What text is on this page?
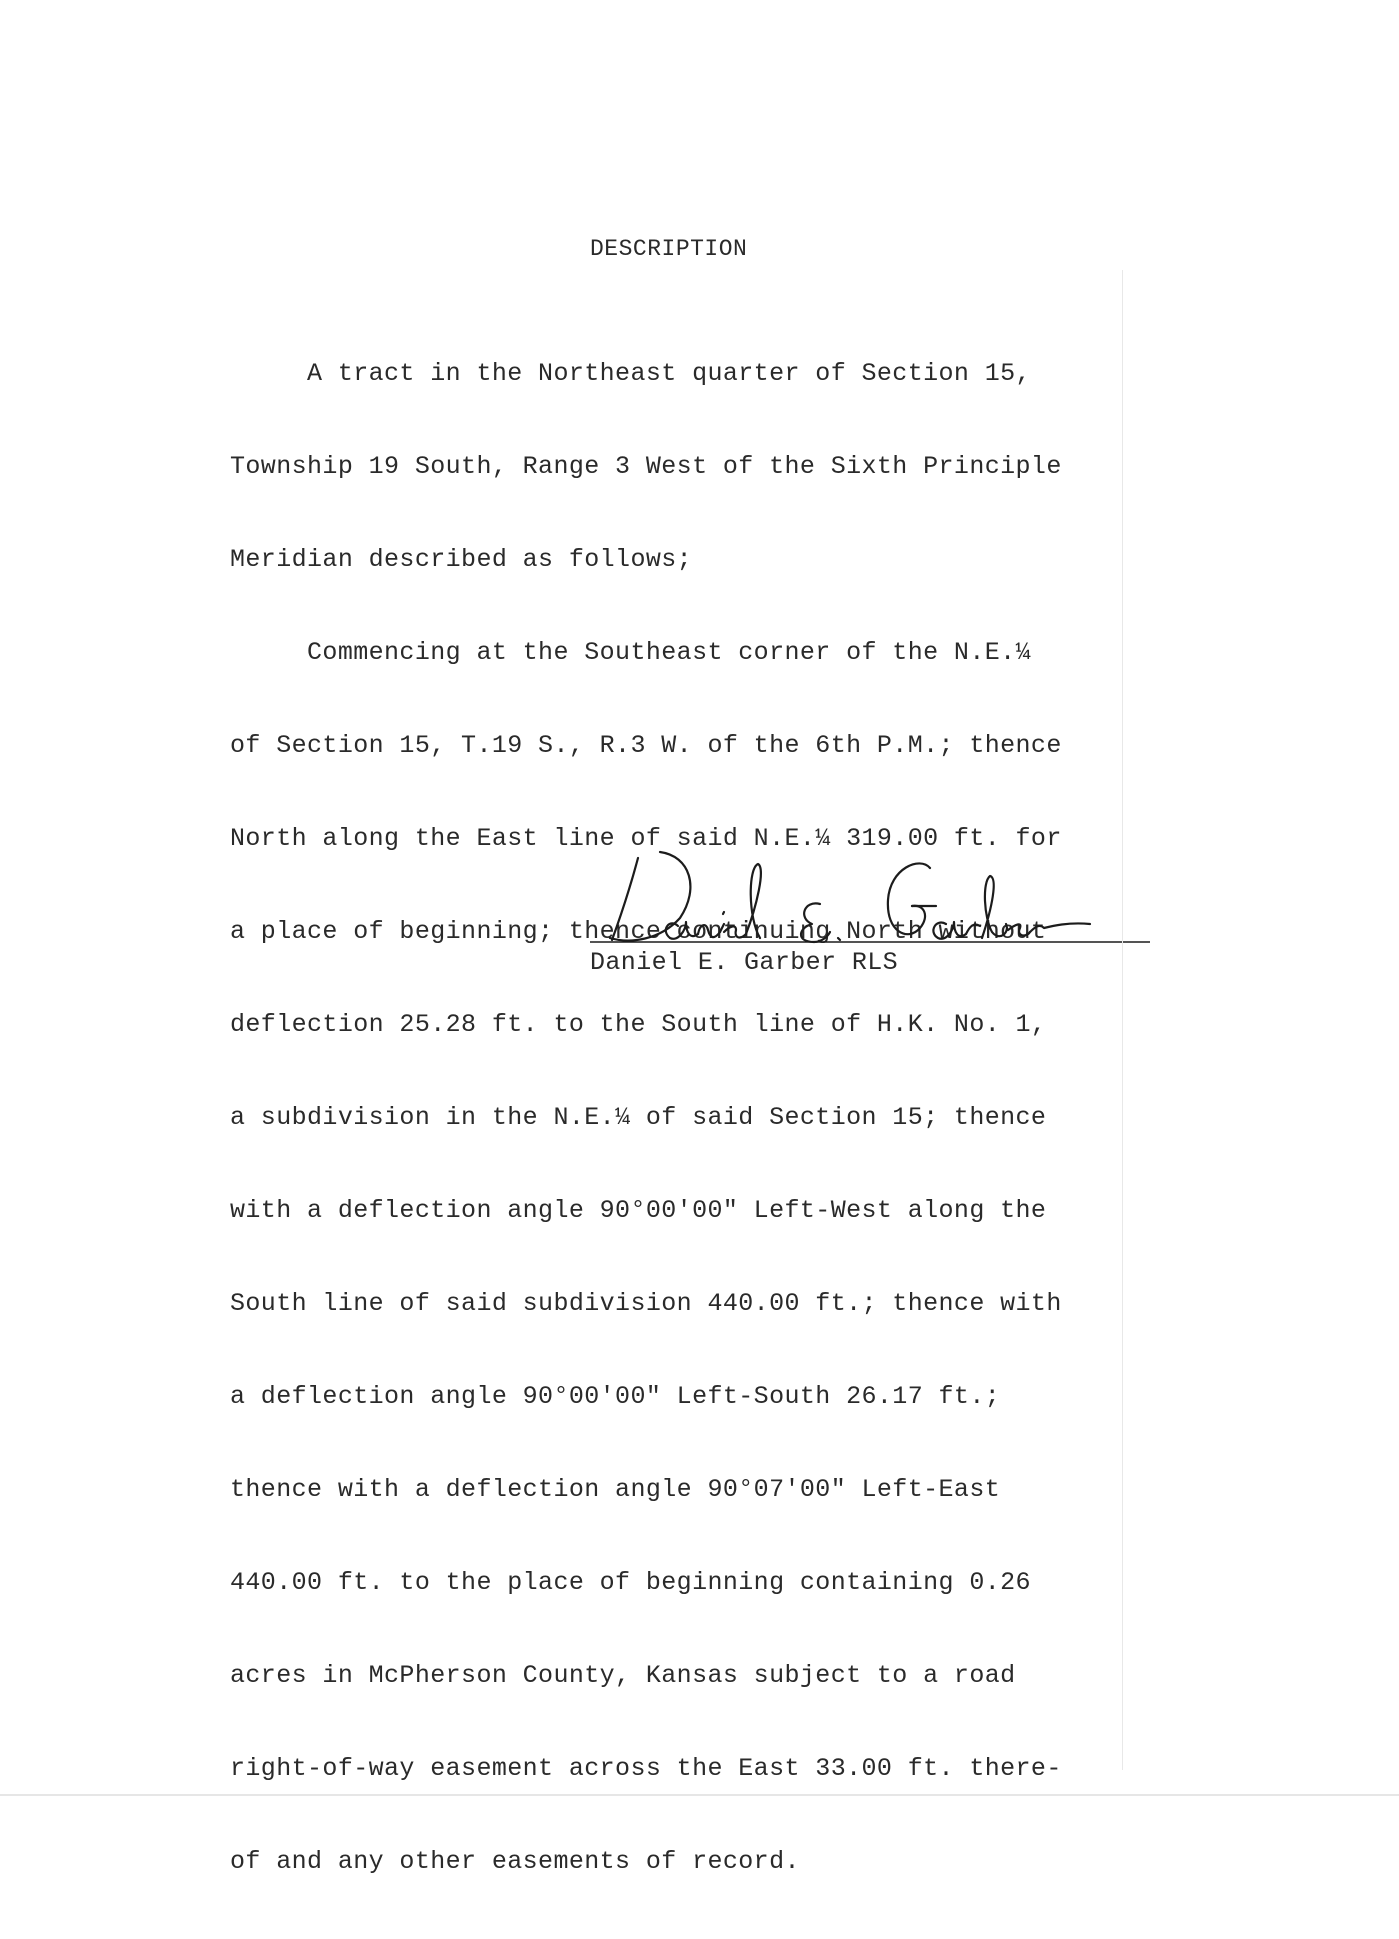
DESCRIPTION

A tract in the Northeast quarter of Section 15,

Township 19 South, Range 3 West of the Sixth Principle

Meridian described as follows;

Commencing at the Southeast corner of the N.E.¼

of Section 15, T.19 S., R.3 W. of the 6th P.M.; thence

North along the East line of said N.E.¼ 319.00 ft. for

a place of beginning; thence continuing North without

deflection 25.28 ft. to the South line of H.K. No. 1,

a subdivision in the N.E.¼ of said Section 15; thence

with a deflection angle 90°00'00" Left-West along the

South line of said subdivision 440.00 ft.; thence with

a deflection angle 90°00'00" Left-South 26.17 ft.;

thence with a deflection angle 90°07'00" Left-East

440.00 ft. to the place of beginning containing 0.26

acres in McPherson County, Kansas subject to a road

right-of-way easement across the East 33.00 ft. there-

of and any other easements of record.

Daniel E. Garber RLS
